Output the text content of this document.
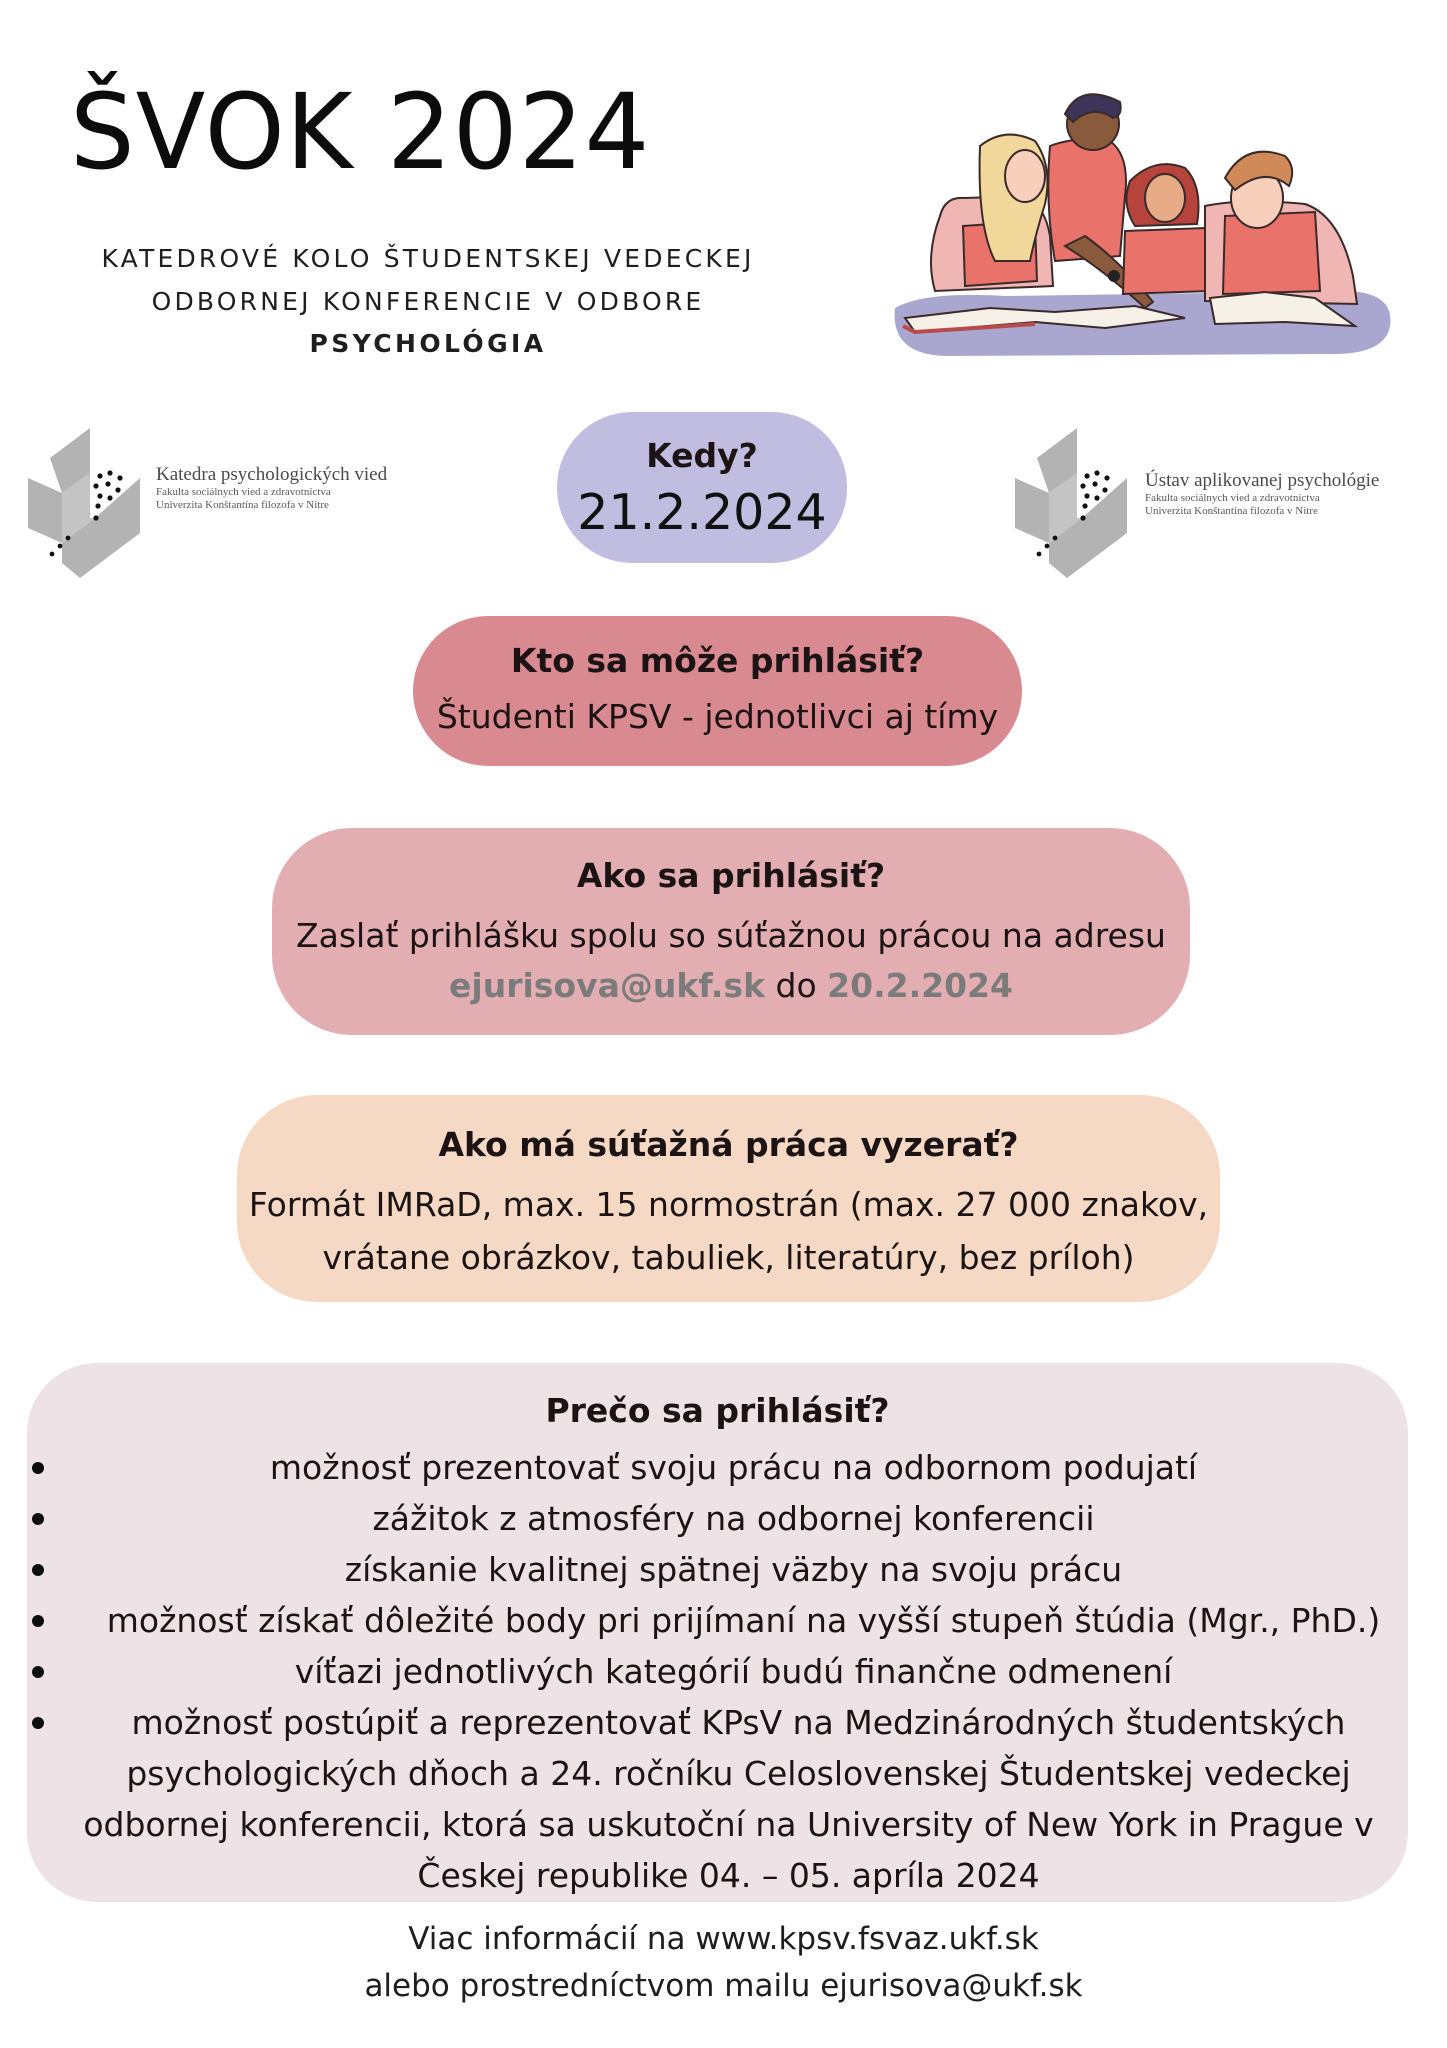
ŠVOK 2024
KATEDROVÉ KOLO ŠTUDENTSKEJ VEDECKEJ
ODBORNEJ KONFERENCIE V ODBORE
PSYCHOLÓGIA
Katedra psychologických vied
Fakulta sociálnych vied a zdravotníctva
Univerzita Konštantína filozofa v Nitre
Ústav aplikovanej psychológie
Fakulta sociálnych vied a zdravotníctva
Univerzita Konštantína filozofa v Nitre
Kedy?
21.2.2024
Kto sa môže prihlásiť?
Študenti KPSV - jednotlivci aj tímy
Ako sa prihlásiť?
Zaslať prihlášku spolu so súťažnou prácou na adresu
ejurisova@ukf.sk do 20.2.2024
Ako má súťažná práca vyzerať?
Formát IMRaD, max. 15 normostrán (max. 27 000 znakov,
vrátane obrázkov, tabuliek, literatúry, bez príloh)
Prečo sa prihlásiť?
možnosť prezentovať svoju prácu na odbornom podujatí
zážitok z atmosféry na odbornej konferencii
získanie kvalitnej spätnej väzby na svoju prácu
možnosť získať dôležité body pri prijímaní na vyšší stupeň štúdia (Mgr., PhD.)
víťazi jednotlivých kategórií budú finančne odmenení
možnosť postúpiť a reprezentovať KPsV na Medzinárodných študentských
psychologických dňoch a 24. ročníku Celoslovenskej Študentskej vedeckej
odbornej konferencii, ktorá sa uskutoční na University of New York in Prague v
Českej republike 04. – 05. apríla 2024
Viac informácií na www.kpsv.fsvaz.ukf.sk
alebo prostredníctvom mailu ejurisova@ukf.sk
